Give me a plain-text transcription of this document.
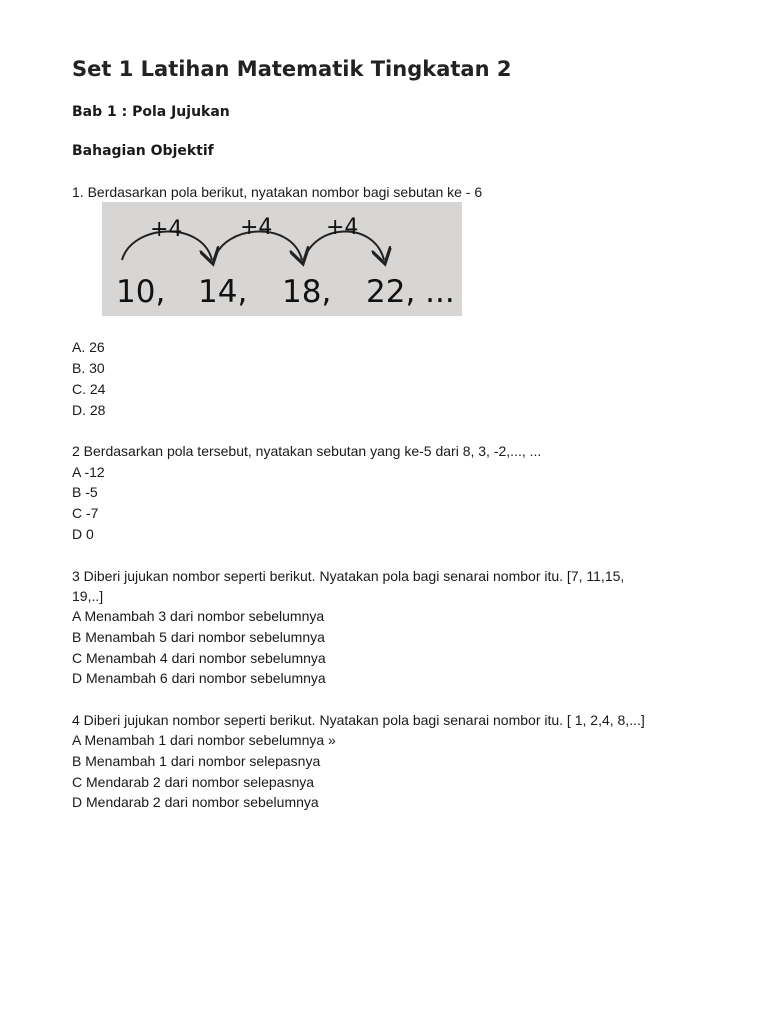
Set 1 Latihan Matematik Tingkatan 2
Bab 1 : Pola Jujukan
Bahagian Objektif
1. Berdasarkan pola berikut, nyatakan nombor bagi sebutan ke - 6
+4	+4 +4
10, 14, 18, 22, ...
A. 26
B. 30
C. 24
D. 28
2 Berdasarkan pola tersebut, nyatakan sebutan yang ke-5 dari 8, 3, -2,..., ...
A -12
B -5
C -7
D 0
3 Diberi jujukan nombor seperti berikut. Nyatakan pola bagi senarai nombor itu. [7, 11,15,
19,..]
A Menambah 3 dari nombor sebelumnya
B Menambah 5 dari nombor sebelumnya
C Menambah 4 dari nombor sebelumnya
D Menambah 6 dari nombor sebelumnya
4 Diberi jujukan nombor seperti berikut. Nyatakan pola bagi senarai nombor itu. [ 1, 2,4, 8,...]
A Menambah 1 dari nombor sebelumnya »
B Menambah 1 dari nombor selepasnya
C Mendarab 2 dari nombor selepasnya
D Mendarab 2 dari nombor sebelumnya
